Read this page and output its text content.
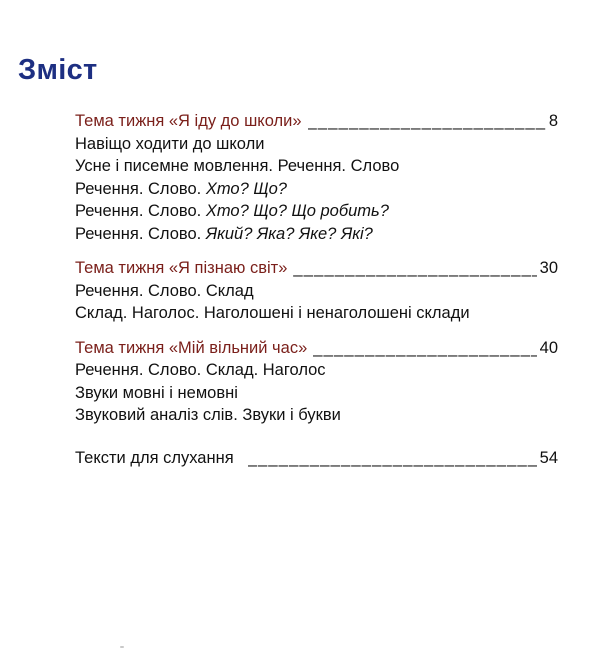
Зміст
Тема тижня «Я іду до школи» _____	8
Навіщо ходити до школи
Усне і писемне мовлення. Речення. Слово
Речення. Слово. Хто? Що?
Речення. Слово. Хто? Що? Що робить?
Речення. Слово. Який? Яка? Яке? Які?
Тема тижня «Я пізнаю світ» _____	30
Речення. Слово. Склад
Склад. Наголос. Наголошені і ненаголошені склади
Тема тижня «Мій вільний час» _____	40
Речення. Слово. Склад. Наголос
Звуки мовні і немовні
Звуковий аналіз слів. Звуки і букви
Тексти для слухання _____	54
